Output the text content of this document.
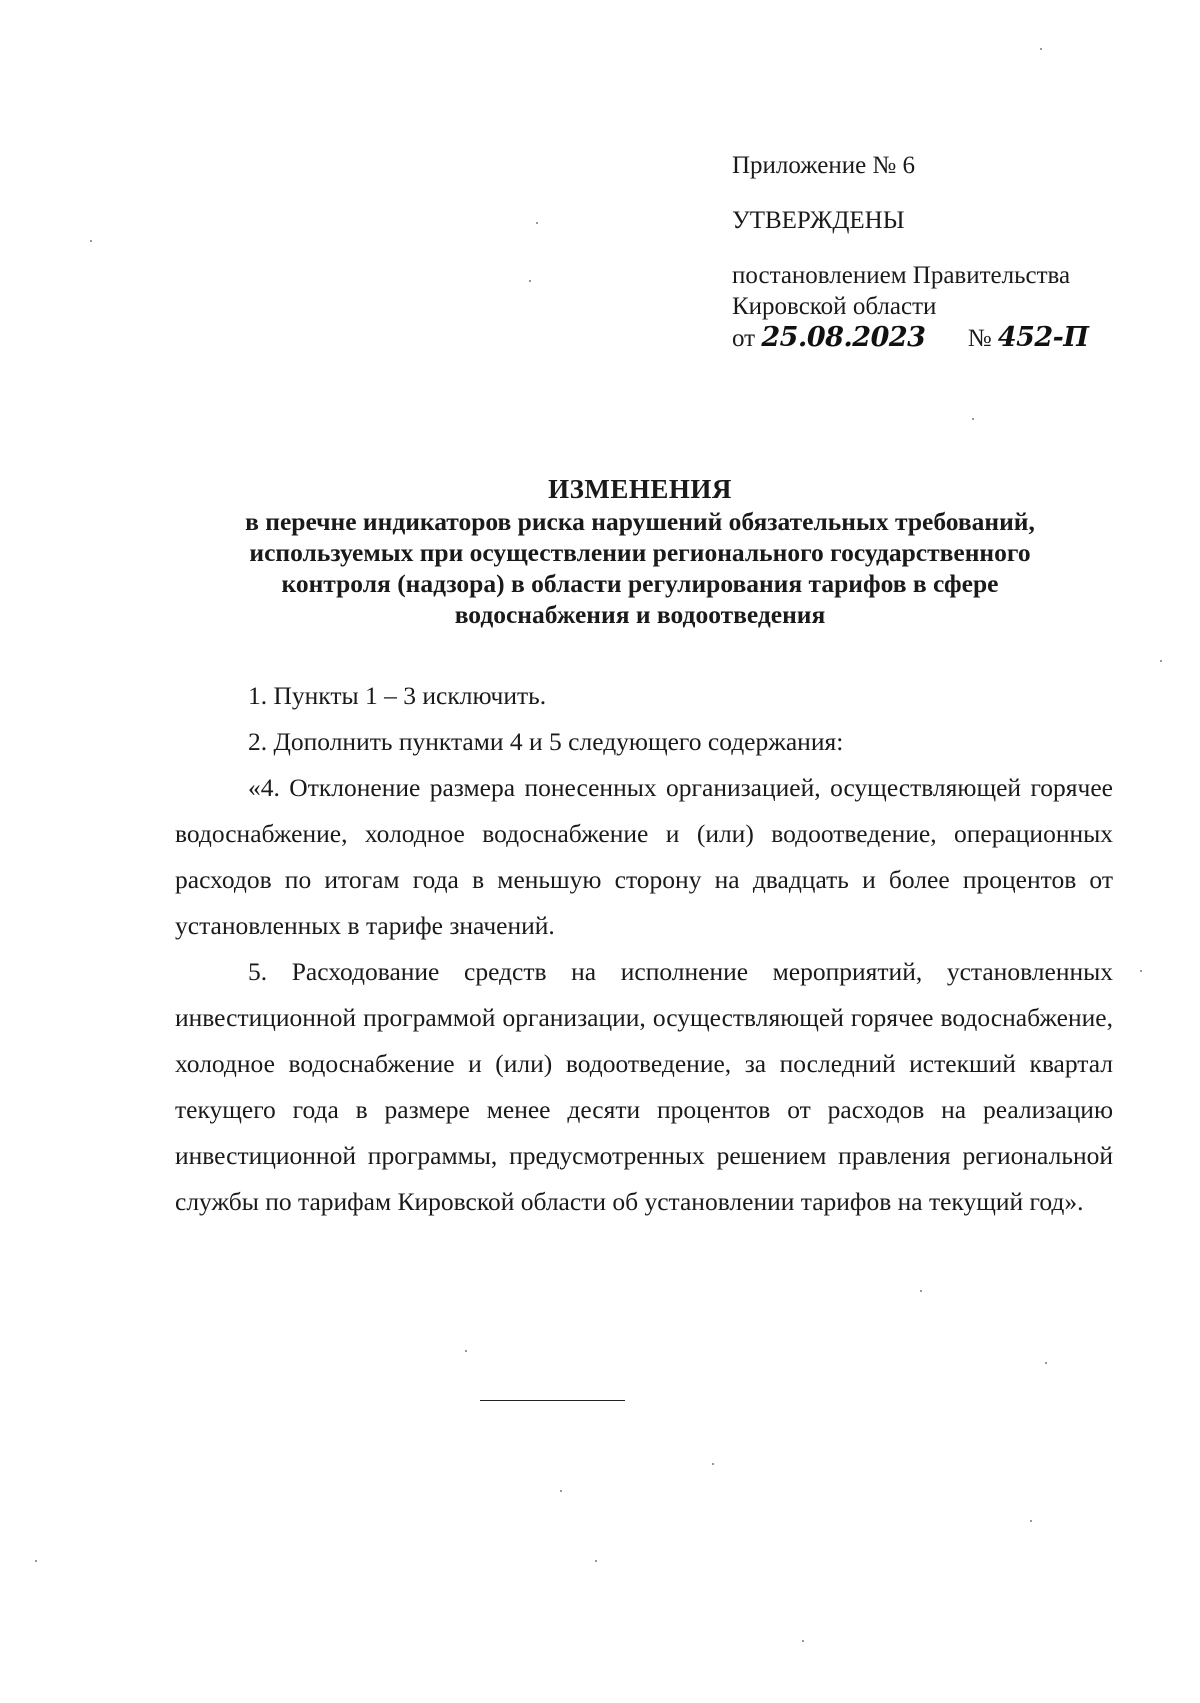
Приложение № 6
УТВЕРЖДЕНЫ
постановлением Правительства
Кировской области
от 25.08.2023 № 452-П
ИЗМЕНЕНИЯ
в перечне индикаторов риска нарушений обязательных требований,
используемых при осуществлении регионального государственного
контроля (надзора) в области регулирования тарифов в сфере
водоснабжения и водоотведения

1. Пункты 1 – 3 исключить.

2. Дополнить пунктами 4 и 5 следующего содержания:

«4. Отклонение размера понесенных организацией, осуществляющей горячее водоснабжение, холодное водоснабжение и (или) водоотведение, операционных расходов по итогам года в меньшую сторону на двадцать и более процентов от установленных в тарифе значений.

5. Расходование средств на исполнение мероприятий, установленных инвестиционной программой организации, осуществляющей горячее водоснабжение, холодное водоснабжение и (или) водоотведение, за последний истекший квартал текущего года в размере менее десяти процентов от расходов на реализацию инвестиционной программы, предусмотренных решением правления региональной службы по тарифам Кировской области об установлении тарифов на текущий год».
